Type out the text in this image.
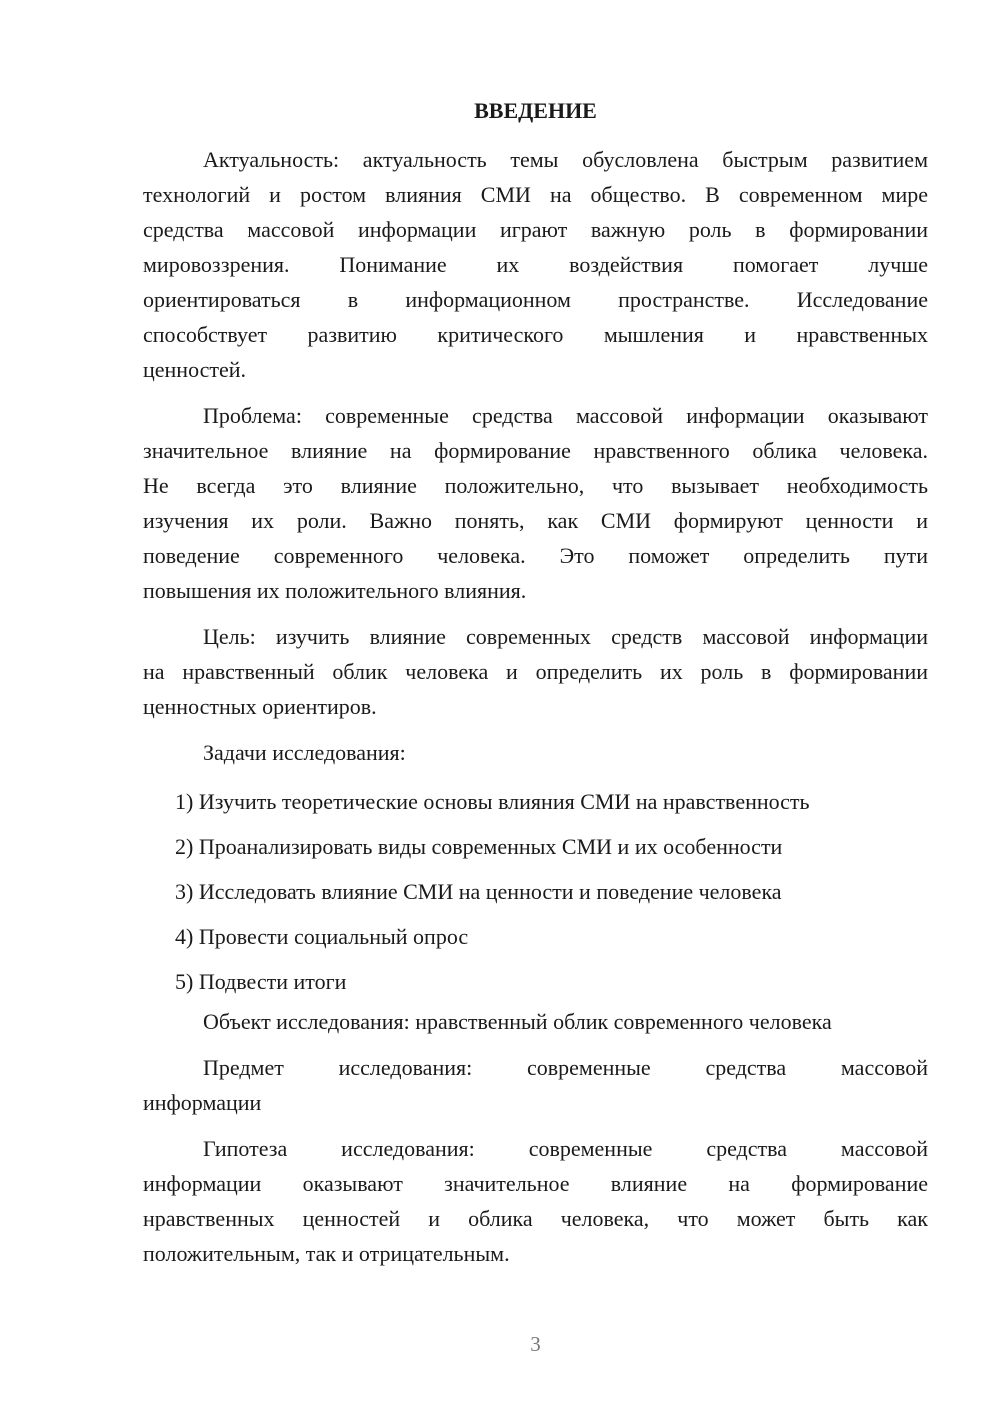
ВВЕДЕНИЕ
Актуальность: актуальность темы обусловлена быстрым развитием
технологий и ростом влияния СМИ на общество. В современном мире
средства массовой информации играют важную роль в формировании
мировоззрения. Понимание их воздействия помогает лучше
ориентироваться в информационном пространстве. Исследование
способствует развитию критического мышления и нравственных
ценностей.
Проблема: современные средства массовой информации оказывают
значительное влияние на формирование нравственного облика человека.
Не всегда это влияние положительно, что вызывает необходимость
изучения их роли. Важно понять, как СМИ формируют ценности и
поведение современного человека. Это поможет определить пути
повышения их положительного влияния.
Цель: изучить влияние современных средств массовой информации
на нравственный облик человека и определить их роль в формировании
ценностных ориентиров.
Задачи исследования:
1) Изучить теоретические основы влияния СМИ на нравственность
2) Проанализировать виды современных СМИ и их особенности
3) Исследовать влияние СМИ на ценности и поведение человека
4) Провести социальный опрос
5) Подвести итоги
Объект исследования: нравственный облик современного человека
Предмет исследования: современные средства массовой
информации
Гипотеза исследования: современные средства массовой
информации оказывают значительное влияние на формирование
нравственных ценностей и облика человека, что может быть как
положительным, так и отрицательным.
3
